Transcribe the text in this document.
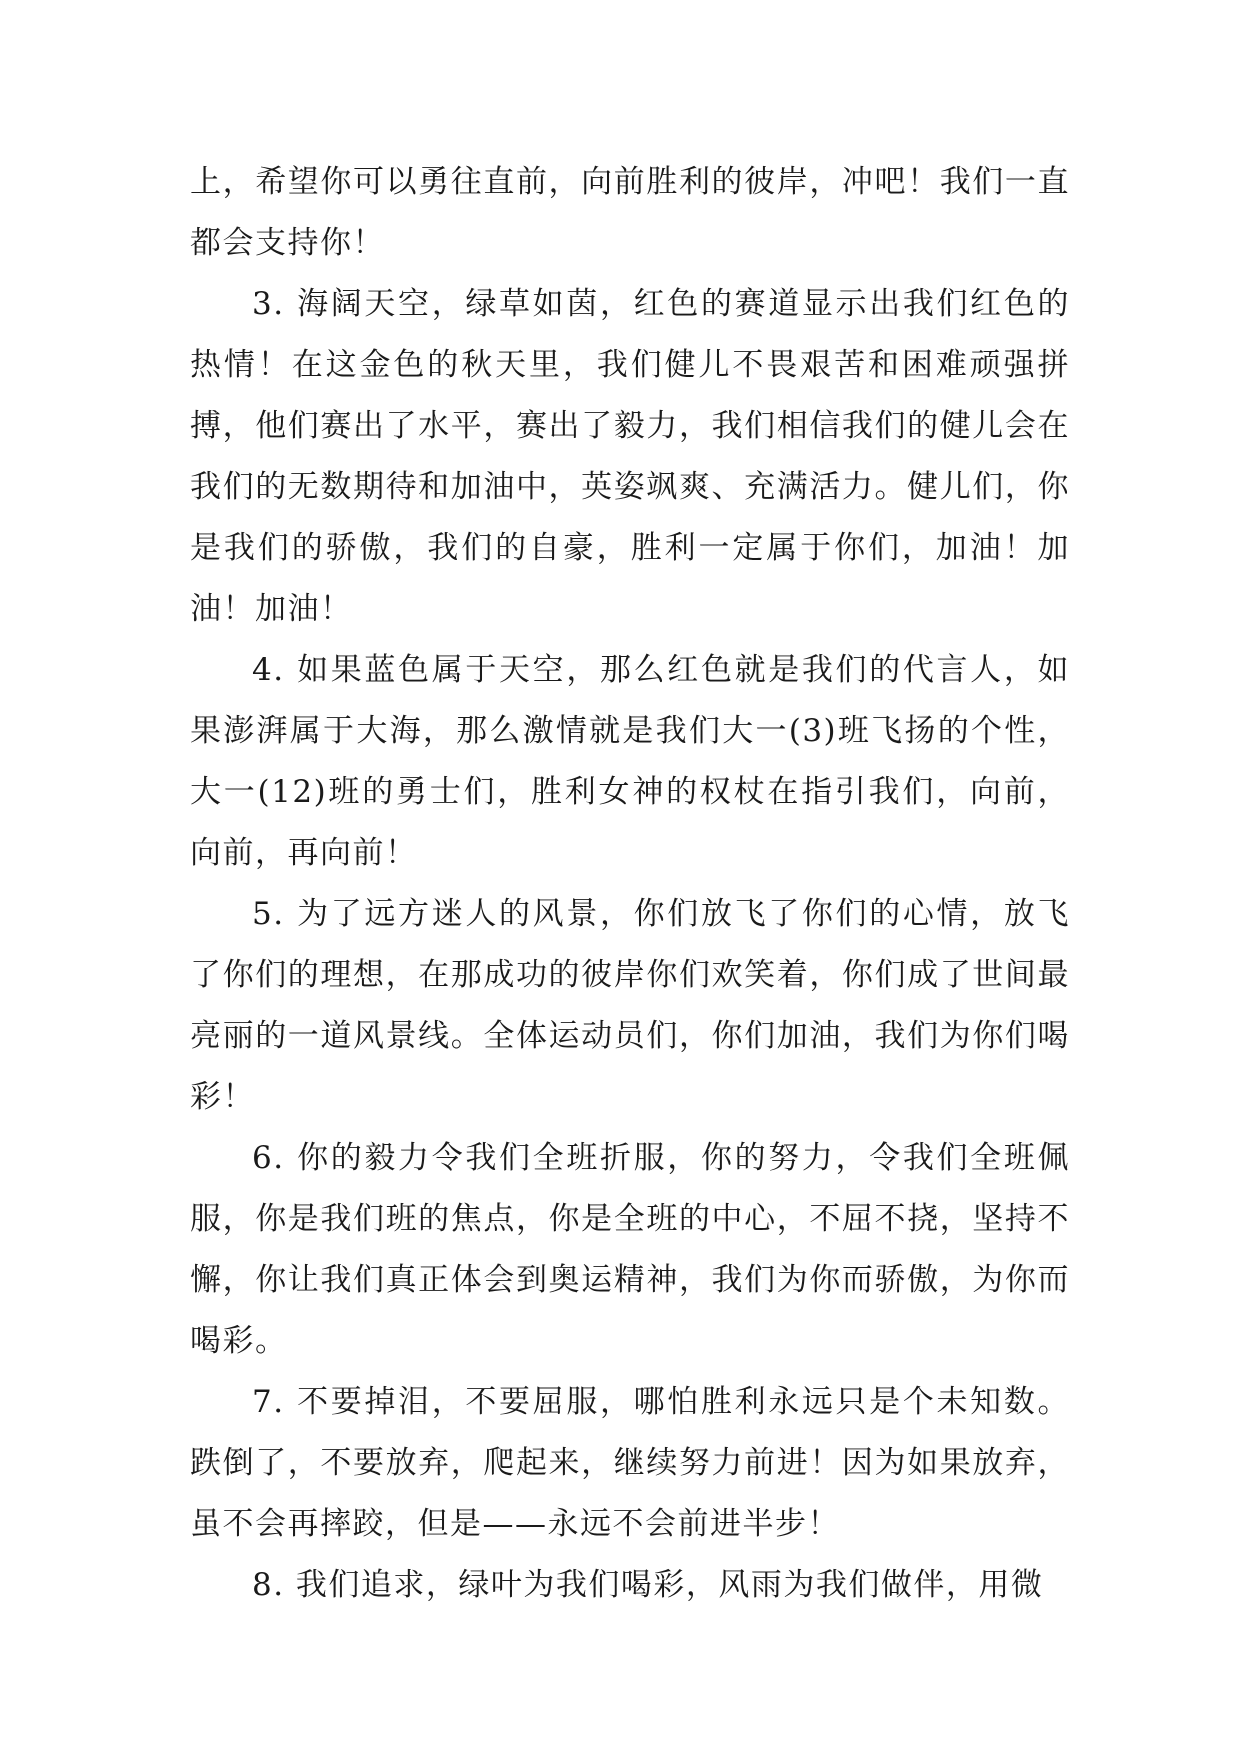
上，希望你可以勇往直前，向前胜利的彼岸，冲吧！我们一直都会支持你！

3. 海阔天空，绿草如茵，红色的赛道显示出我们红色的热情！在这金色的秋天里，我们健儿不畏艰苦和困难顽强拼搏，他们赛出了水平，赛出了毅力，我们相信我们的健儿会在我们的无数期待和加油中，英姿飒爽、充满活力。健儿们，你是我们的骄傲，我们的自豪，胜利一定属于你们，加油！加油！加油！

4. 如果蓝色属于天空，那么红色就是我们的代言人，如果澎湃属于大海，那么激情就是我们大一(3)班飞扬的个性，大一(12)班的勇士们，胜利女神的权杖在指引我们，向前，向前，再向前！

5. 为了远方迷人的风景，你们放飞了你们的心情，放飞了你们的理想，在那成功的彼岸你们欢笑着，你们成了世间最亮丽的一道风景线。全体运动员们，你们加油，我们为你们喝彩！

6. 你的毅力令我们全班折服，你的努力，令我们全班佩服，你是我们班的焦点，你是全班的中心，不屈不挠，坚持不懈，你让我们真正体会到奥运精神，我们为你而骄傲，为你而喝彩。

7. 不要掉泪，不要屈服，哪怕胜利永远只是个未知数。跌倒了，不要放弃，爬起来，继续努力前进！因为如果放弃，虽不会再摔跤，但是——永远不会前进半步！

8. 我们追求，绿叶为我们喝彩，风雨为我们做伴，用微
